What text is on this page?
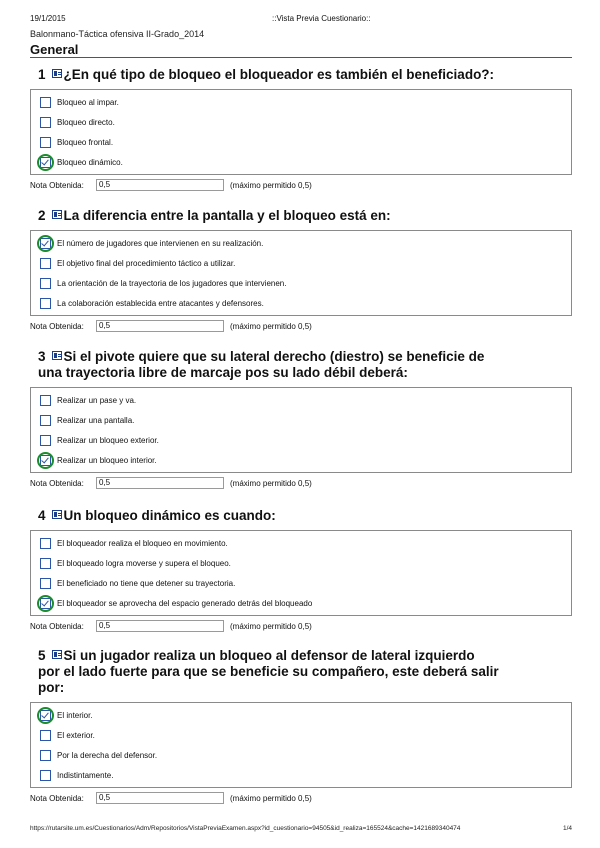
19/1/2015	::Vista Previa Cuestionario::
Balonmano-Táctica ofensiva II-Grado_2014
General
1 ¿En qué tipo de bloqueo el bloqueador es también el beneficiado?:
Bloqueo al impar.
Bloqueo directo.
Bloqueo frontal.
Bloqueo dinámico.
Nota Obtenida:	0,5	(máximo permitido 0,5)
2 La diferencia entre la pantalla y el bloqueo está en:
El número de jugadores que intervienen en su realización.
El objetivo final del procedimiento táctico a utilizar.
La orientación de la trayectoria de los jugadores que intervienen.
La colaboración establecida entre atacantes y defensores.
Nota Obtenida:	0,5	(máximo permitido 0,5)
3 Si el pivote quiere que su lateral derecho (diestro) se beneficie de
una trayectoria libre de marcaje pos su lado débil deberá:
Realizar un pase y va.
Realizar una pantalla.
Realizar un bloqueo exterior.
Realizar un bloqueo interior.
Nota Obtenida:	0,5	(máximo permitido 0,5)
4 Un bloqueo dinámico es cuando:
El bloqueador realiza el bloqueo en movimiento.
El bloqueado logra moverse y supera el bloqueo.
El beneficiado no tiene que detener su trayectoria.
El bloqueador se aprovecha del espacio generado detrás del bloqueado
Nota Obtenida:	0,5	(máximo permitido 0,5)
5 Si un jugador realiza un bloqueo al defensor de lateral izquierdo
por el lado fuerte para que se beneficie su compañero, este deberá salir
por:
El interior.
El exterior.
Por la derecha del defensor.
Indistintamente.
Nota Obtenida:	0,5	(máximo permitido 0,5)
https://rutarsite.um.es/Cuestionarios/Adm/Repositorios/VistaPreviaExamen.aspx?id_cuestionario=94505&id_realiza=165524&cache=1421689340474	1/4
